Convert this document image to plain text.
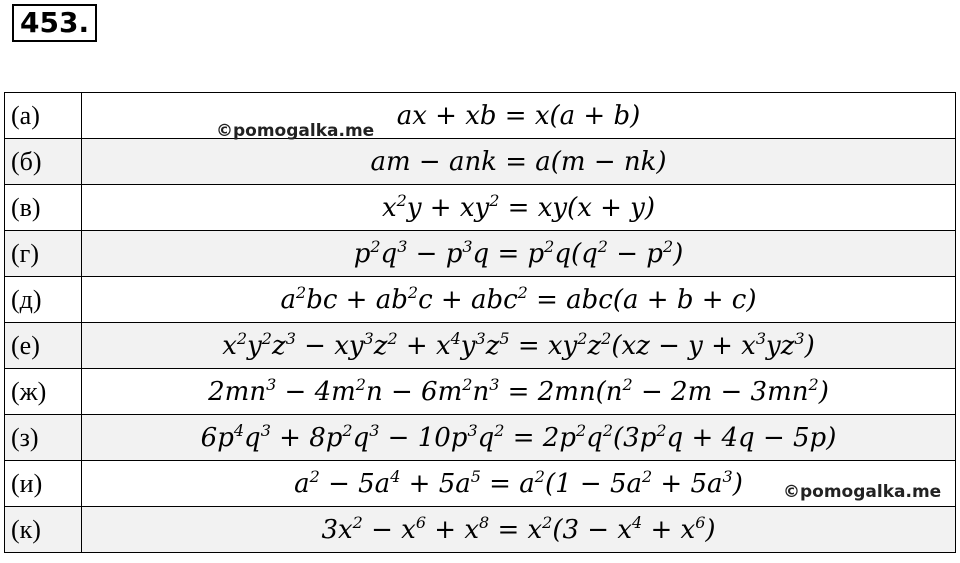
453.
(а)	ax + xb = x(a + b)
(б)	am − ank = a(m − nk)
(в)	$x^2y + xy^2 = xy(x + y)$
(г)	$p^2q^3 - p^3q = p^2q(q^2 - p^2)$
(д)	$a^2bc + ab^2c + abc^2 = abc(a + b + c)$
(е)	$x^2y^2z^3 - xy^3z^2 + x^4y^3z^5 = xy^2z^2(xz - y + x^3yz^3)$
(ж)	$2mn^3 - 4m^2n - 6m^2n^3 = 2mn(n^2 - 2m - 3mn^2)$
(з)	$6p^4q^3 + 8p^2q^3 - 10p^3q^2 = 2p^2q^2(3p^2q + 4q - 5p)$
(и)	$a^2 - 5a^4 + 5a^5 = a^2(1 - 5a^2 + 5a^3)$
(к)	$3x^2 - x^6 + x^8 = x^2(3 - x^4 + x^6)$
©pomogalka.me
©pomogalka.me
